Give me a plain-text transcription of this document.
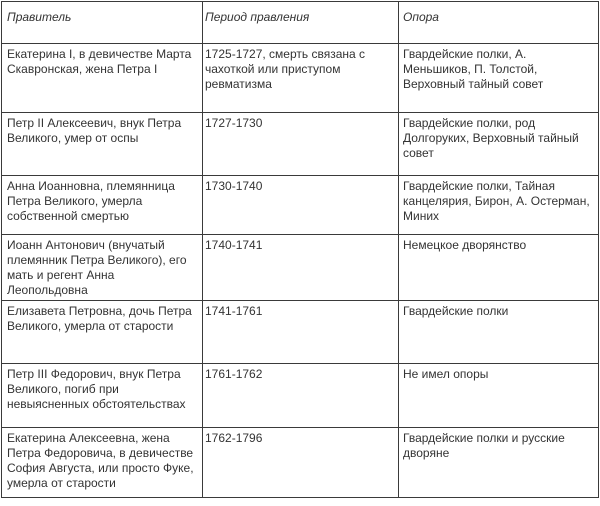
Правитель	Период правления	Опора
Екатерина I, в девичестве Марта Скавронская, жена Петра I	1725-1727, смерть связана с чахоткой или приступом ревматизма	Гвардейские полки, А. Меньшиков, П. Толстой, Верховный тайный совет
Петр II Алексеевич, внук Петра Великого, умер от оспы	1727-1730	Гвардейские полки, род Долгоруких, Верховный тайный совет
Анна Иоанновна, племянница Петра Великого, умерла собственной смертью	1730-1740	Гвардейские полки, Тайная канцелярия, Бирон, А. Остерман, Миних
Иоанн Антонович (внучатый племянник Петра Великого), его мать и регент Анна Леопольдовна	1740-1741	Немецкое дворянство
Елизавета Петровна, дочь Петра Великого, умерла от старости	1741-1761	Гвардейские полки
Петр III Федорович, внук Петра Великого, погиб при невыясненных обстоятельствах	1761-1762	Не имел опоры
Екатерина Алексеевна, жена Петра Федоровича, в девичестве София Августа, или просто Фуке, умерла от старости	1762-1796	Гвардейские полки и русские дворяне
